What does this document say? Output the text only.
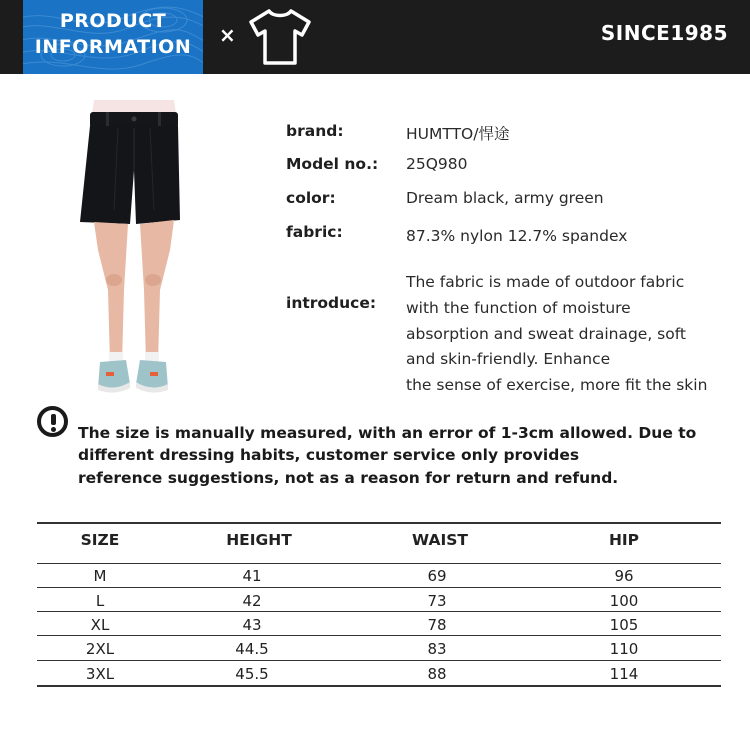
PRODUCT
INFORMATION	×	SINCE1985
brand:	HUMTTO/悍途
Model no.: 25Q980
color:	Dream black, army green
fabric:	87.3% nylon 12.7% spandex
introduce:
The fabric is made of outdoor fabric
with the function of moisture
absorption and sweat drainage, soft
and skin-friendly. Enhance
the sense of exercise, more fit the skin
The size is manually measured, with an error of 1-3cm allowed. Due to
different dressing habits, customer service only provides
reference suggestions, not as a reason for return and refund.
SIZE	HEIGHT	WAIST	HIP
M	41	69	96
L	42	73	100
XL	43	78	105
2XL	44.5	83	110
3XL	45.5	88	114
